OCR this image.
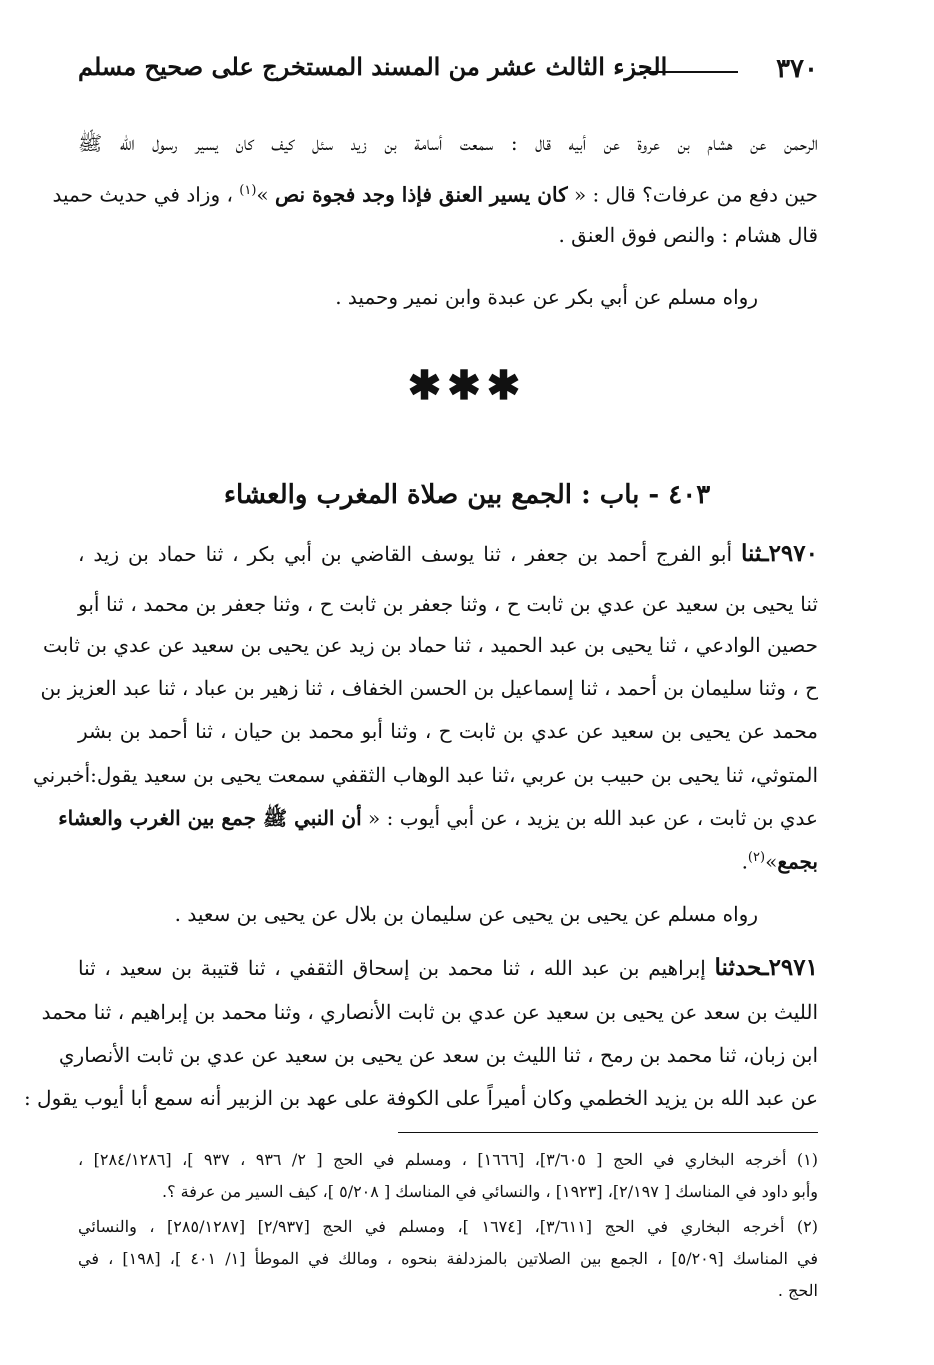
٣٧٠
الجزء الثالث عشر من المسند المستخرج على صحيح مسلم
الرحمن عن هشام بن عروة عن أبيه قال : سمعت أسامة بن زيد سئل كيف كان يسير رسول الله ﷺ
حين دفع من عرفات؟ قال : « كان يسير العنق فإذا وجد فجوة نص »$^{(١)}$ ، وزاد في حديث حميد
قال هشام : والنص فوق العنق .
رواه مسلم عن أبي بكر عن عبدة وابن نمير وحميد .
✱✱✱
٤٠٣ - باب : الجمع بين صلاة المغرب والعشاء
٢٩٧٠ـثنا أبو الفرج أحمد بن جعفر ، ثنا يوسف القاضي بن أبي بكر ، ثنا حماد بن زيد ،
ثنا يحيى بن سعيد عن عدي بن ثابت ح ، وثنا جعفر بن ثابت ح ، وثنا جعفر بن محمد ، ثنا أبو
حصين الوادعي ، ثنا يحيى بن عبد الحميد ، ثنا حماد بن زيد عن يحيى بن سعيد عن عدي بن ثابت
ح ، وثنا سليمان بن أحمد ، ثنا إسماعيل بن الحسن الخفاف ، ثنا زهير بن عباد ، ثنا عبد العزيز بن
محمد عن يحيى بن سعيد عن عدي بن ثابت ح ، وثنا أبو محمد بن حيان ، ثنا أحمد بن بشر
المتوثي، ثنا يحيى بن حبيب بن عربي ،ثنا عبد الوهاب الثقفي سمعت يحيى بن سعيد يقول:أخبرني
عدي بن ثابت ، عن عبد الله بن يزيد ، عن أبي أيوب : « أن النبي ﷺ جمع بين الغرب والعشاء
بجمع»$^{(٢)}$.
رواه مسلم عن يحيى بن يحيى عن سليمان بن بلال عن يحيى بن سعيد .
٢٩٧١ـحدثنا إبراهيم بن عبد الله ، ثنا محمد بن إسحاق الثقفي ، ثنا قتيبة بن سعيد ، ثنا
الليث بن سعد عن يحيى بن سعيد عن عدي بن ثابت الأنصاري ، وثنا محمد بن إبراهيم ، ثنا محمد
ابن زبان، ثنا محمد بن رمح ، ثنا الليث بن سعد عن يحيى بن سعيد عن عدي بن ثابت الأنصاري
عن عبد الله بن يزيد الخطمي وكان أميراً على الكوفة على عهد بن الزبير أنه سمع أبا أيوب يقول :
(١) أخرجه البخاري في الحج [ ٣/٦٠٥]، [١٦٦٦] ، ومسلم في الحج [ ٢/ ٩٣٦ ، ٩٣٧ ]، [٢٨٤/١٢٨٦] ،
وأبو داود في المناسك [ ٢/١٩٧]، [١٩٢٣] ، والنسائي في المناسك [ ٥/٢٠٨ ]، كيف السير من عرفة ؟.
(٢) أخرجه البخاري في الحج [٣/٦١١]، [١٦٧٤ ]، ومسلم في الحج [٢/٩٣٧] [٢٨٥/١٢٨٧] ، والنسائي
في المناسك [٥/٢٠٩] ، الجمع بين الصلاتين بالمزدلفة بنحوه ، ومالك في الموطأ [١/ ٤٠١ ]، [١٩٨] ، في
الحج .
